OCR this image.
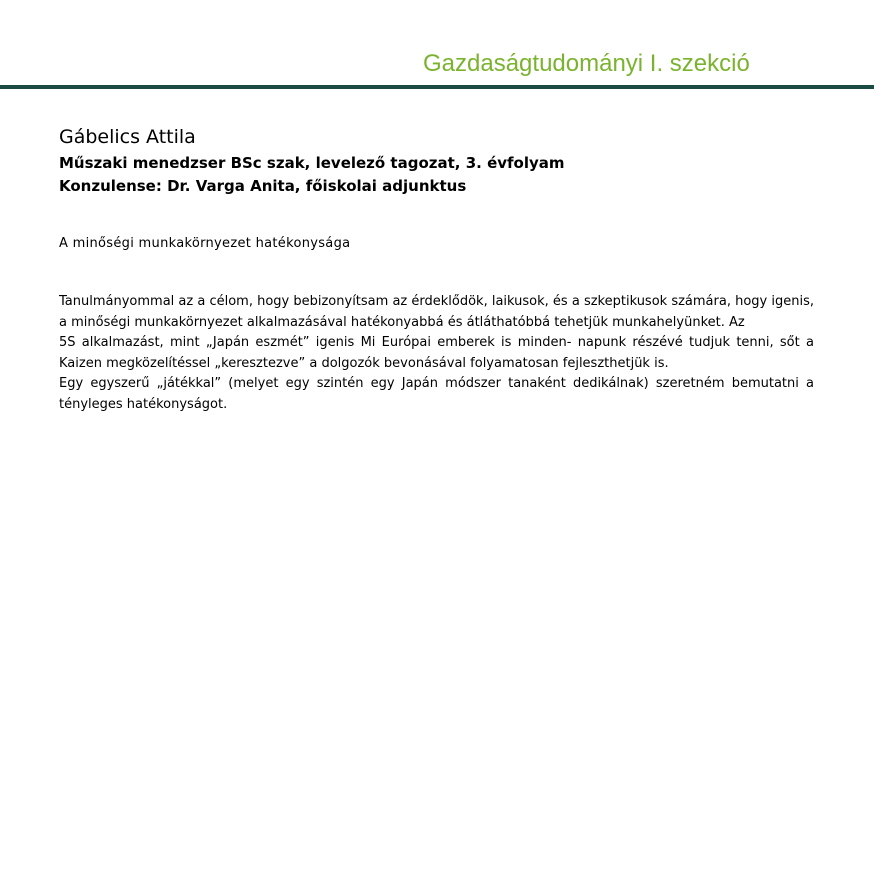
Gazdaságtudományi I. szekció
Gábelics Attila
Műszaki menedzser BSc szak, levelező tagozat, 3. évfolyam
Konzulense: Dr. Varga Anita, főiskolai adjunktus
A minőségi munkakörnyezet hatékonysága

Tanulmányommal az a célom, hogy bebizonyítsam az érdeklődök, laikusok, és a szkeptikusok számára, hogy igenis, a minőségi munkakörnyezet alkalmazásával hatékonyabbá és átláthatóbbá tehetjük munkahelyünket. Az

5S alkalmazást, mint „Japán eszmét” igenis Mi Európai emberek is minden- napunk részévé tudjuk tenni, sőt a Kaizen megközelítéssel „keresztezve” a dolgozók bevonásával folyamatosan fejleszthetjük is.

Egy egyszerű „játékkal” (melyet egy szintén egy Japán módszer tanaként dedikálnak) szeretném bemutatni a tényleges hatékonyságot.
